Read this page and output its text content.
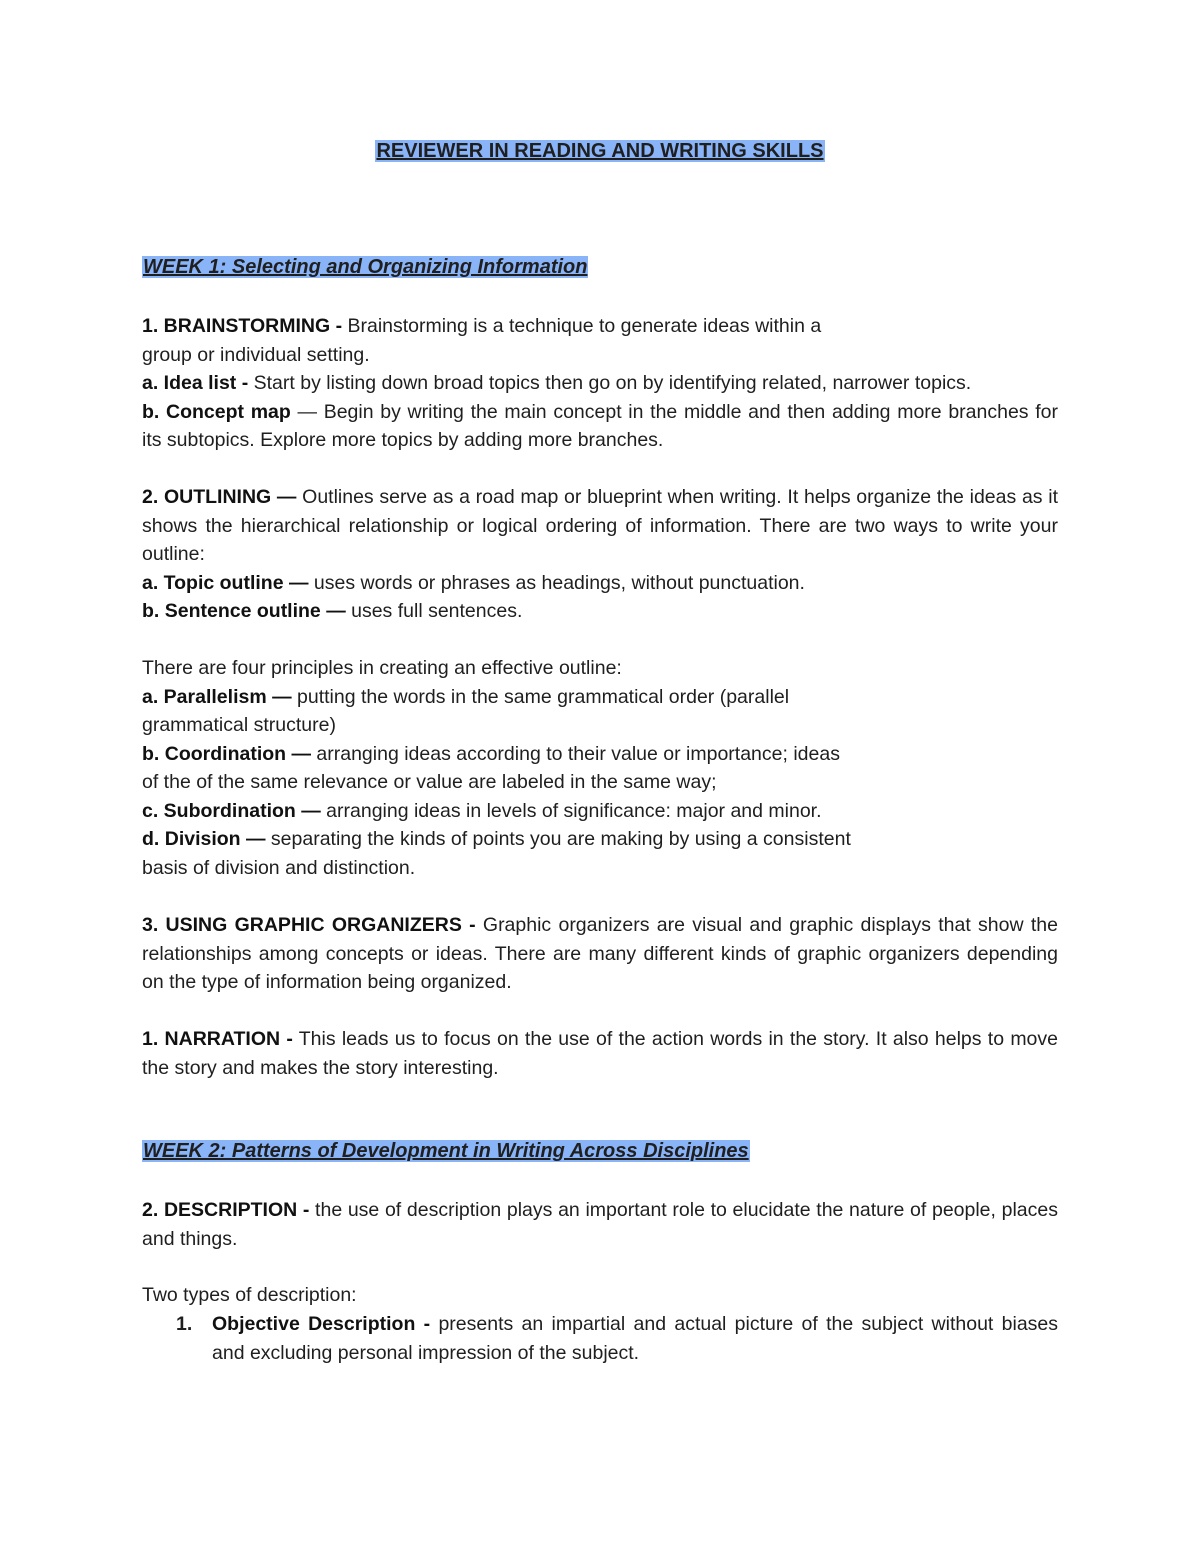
REVIEWER IN READING AND WRITING SKILLS
WEEK 1: Selecting and Organizing Information

1. BRAINSTORMING - Brainstorming is a technique to generate ideas within a

group or individual setting.

a. Idea list - Start by listing down broad topics then go on by identifying related, narrower topics.

b. Concept map — Begin by writing the main concept in the middle and then adding more branches for its subtopics. Explore more topics by adding more branches.

2. OUTLINING — Outlines serve as a road map or blueprint when writing. It helps organize the ideas as it shows the hierarchical relationship or logical ordering of information. There are two ways to write your outline:

a. Topic outline — uses words or phrases as headings, without punctuation.

b. Sentence outline — uses full sentences.

There are four principles in creating an effective outline:

a. Parallelism — putting the words in the same grammatical order (parallel

grammatical structure)

b. Coordination — arranging ideas according to their value or importance; ideas

of the of the same relevance or value are labeled in the same way;

c. Subordination — arranging ideas in levels of significance: major and minor.

d. Division — separating the kinds of points you are making by using a consistent

basis of division and distinction.

3. USING GRAPHIC ORGANIZERS - Graphic organizers are visual and graphic displays that show the relationships among concepts or ideas. There are many different kinds of graphic organizers depending on the type of information being organized.

1. NARRATION - This leads us to focus on the use of the action words in the story. It also helps to move the story and makes the story interesting.

WEEK 2: Patterns of Development in Writing Across Disciplines

2. DESCRIPTION - the use of description plays an important role to elucidate the nature of people, places and things.

Two types of description:

1. Objective Description - presents an impartial and actual picture of the subject without biases and excluding personal impression of the subject.
